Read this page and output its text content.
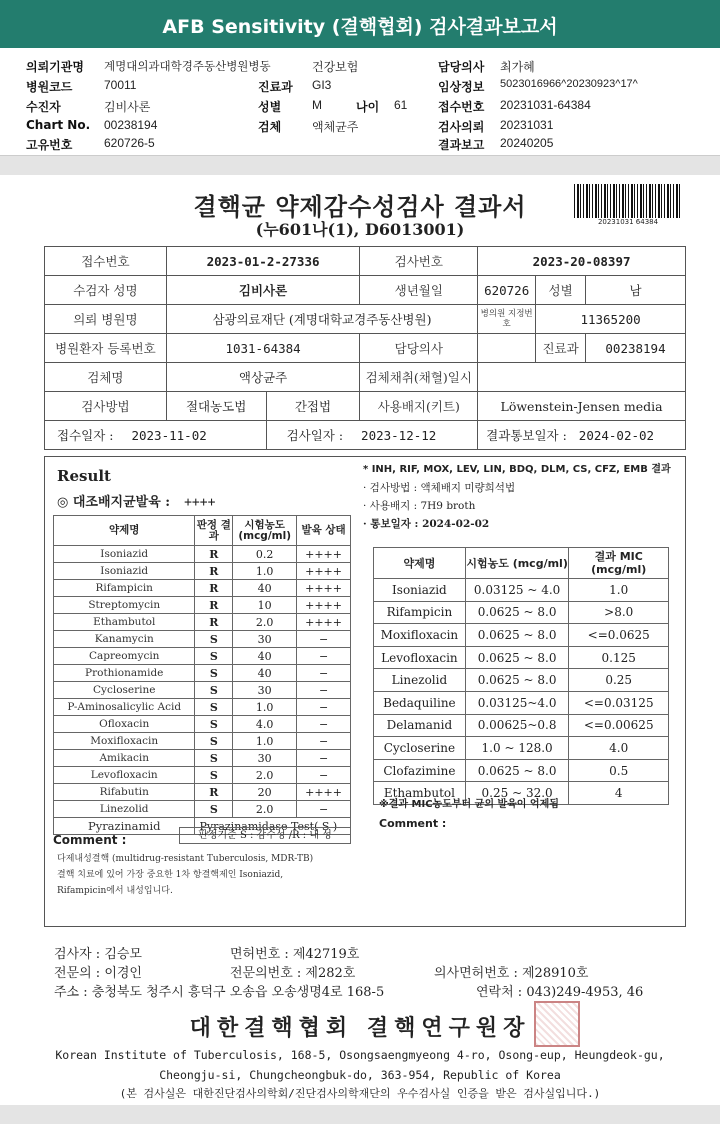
AFB Sensitivity (결핵협회) 검사결과보고서
의뢰기관명 계명대의과대학경주동산병원병동	건강보험	담당의사 최가혜
병원코드	70011	진료과 GI3	임상정보 5023016966^20230923^17^
수진자	김비사론	성별	M	나이 61	접수번호 20231031-64384
Chart No. 00238194	검체	액체균주	검사의뢰 20231031
고유번호	620726-5	결과보고 20240205
결핵균 약제감수성검사 결과서
(누601나(1), D6013001)	20231031 64384
접수번호	2023-01-2-27336		검사번호	2023-20-08397		
수검자 성명	김비사론		생년월일	620726	성별	남
의뢰 병원명	삼광의료재단 (계명대학교경주동산병원)			병의원 지정번호	11365200	
병원환자 등록번호	1031-64384		담당의사		진료과	00238194
검체명	액상균주		검체채취(채혈)일시			
검사방법	절대농도법	간접법	사용배지(키트)	Löwenstein-Jensen media		
접수일자 : 2023-11-02		검사일자 : 2023-12-12		결과통보일자 : 2024-02-02		
Result
◎ 대조배지균발육 : ++++
약제명	판정 결과	시험농도 (mcg/ml)	발육 상태
Isoniazid	R	0.2	++++
Isoniazid	R	1.0	++++
Rifampicin	R	40	++++
Streptomycin	R	10	++++
Ethambutol	R	2.0	++++
Kanamycin	S	30	−
Capreomycin	S	40	−
Prothionamide	S	40	−
Cycloserine	S	30	−
P-Aminosalicylic Acid	S	1.0	−
Ofloxacin	S	4.0	−
Moxifloxacin	S	1.0	−
Amikacin	S	30	−
Levofloxacin	S	2.0	−
Rifabutin	R	20	++++
Linezolid	S	2.0	−
Pyrazinamid	Pyrazinamidase Test( S )		
판정기준 S : 감수성 /R : 내 성
Comment :
다제내성결핵 (multidrug-resistant Tuberculosis, MDR-TB)
결핵 치료에 있어 가장 중요한 1차 항결핵제인 Isoniazid,
Rifampicin에서 내성입니다.
* INH, RIF, MOX, LEV, LIN, BDQ, DLM, CS, CFZ, EMB 결과
· 검사방법 : 액체배지 미량희석법
· 사용배지 : 7H9 broth
· 통보일자 : 2024-02-02
약제명	시험농도 (mcg/ml)	결과 MIC (mcg/ml)
Isoniazid	0.03125 ~ 4.0	1.0
Rifampicin	0.0625 ~ 8.0	>8.0
Moxifloxacin	0.0625 ~ 8.0	<=0.0625
Levofloxacin	0.0625 ~ 8.0	0.125
Linezolid	0.0625 ~ 8.0	0.25
Bedaquiline	0.03125~4.0	<=0.03125
Delamanid	0.00625~0.8	<=0.00625
Cycloserine	1.0 ~ 128.0	4.0
Clofazimine	0.0625 ~ 8.0	0.5
Ethambutol	0.25 ~ 32.0	4
※결과 MIC농도부터 균의 발육이 억제됨
Comment :
검사자 : 김승모	면허번호 : 제42719호
전문의 : 이경인	전문의번호 : 제282호	의사면허번호 : 제28910호
주소 : 충청북도 청주시 흥덕구 오송읍 오송생명4로 168-5	연락처 : 043)249-4953, 46
대한결핵협회 결핵연구원장
Korean Institute of Tuberculosis, 168-5, Osongsaengmyeong 4-ro, Osong-eup, Heungdeok-gu,
Cheongju-si, Chungcheongbuk-do, 363-954, Republic of Korea
(본 검사실은 대한진단검사의학회/진단검사의학재단의 우수검사실 인증을 받은 검사실입니다.)
